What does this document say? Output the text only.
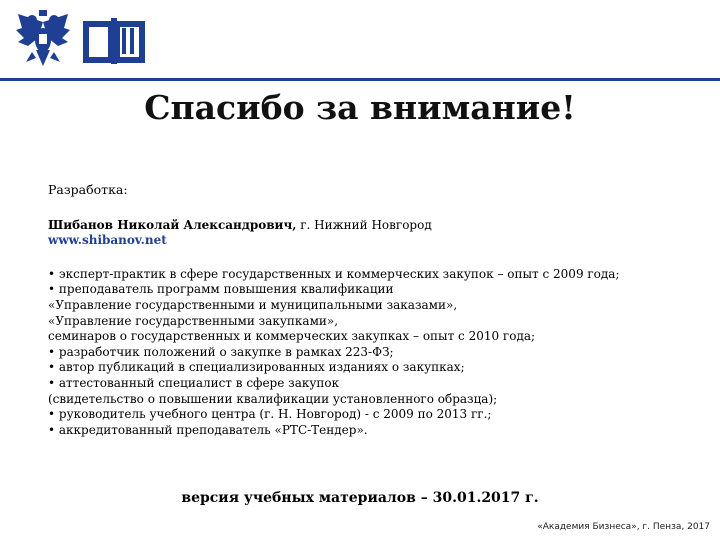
Спасибо за внимание!

Разработка:

Шибанов Николай Александрович, г. Нижний Новгород

www.shibanov.net

• эксперт-практик в сфере государственных и коммерческих закупок – опыт с 2009 года;
• преподаватель программ повышения квалификации
«Управление государственными и муниципальными заказами»,
«Управление государственными закупками»,
семинаров о государственных и коммерческих закупках – опыт с 2010 года;
• разработчик положений о закупке в рамках 223-ФЗ;
• автор публикаций в специализированных изданиях о закупках;
• аттестованный специалист в сфере закупок
(свидетельство о повышении квалификации установленного образца);
• руководитель учебного центра (г. Н. Новгород) - с 2009 по 2013 гг.;
• аккредитованный преподаватель «РТС-Тендер».
версия учебных материалов – 30.01.2017 г.
«Академия Бизнеса», г. Пенза, 2017
